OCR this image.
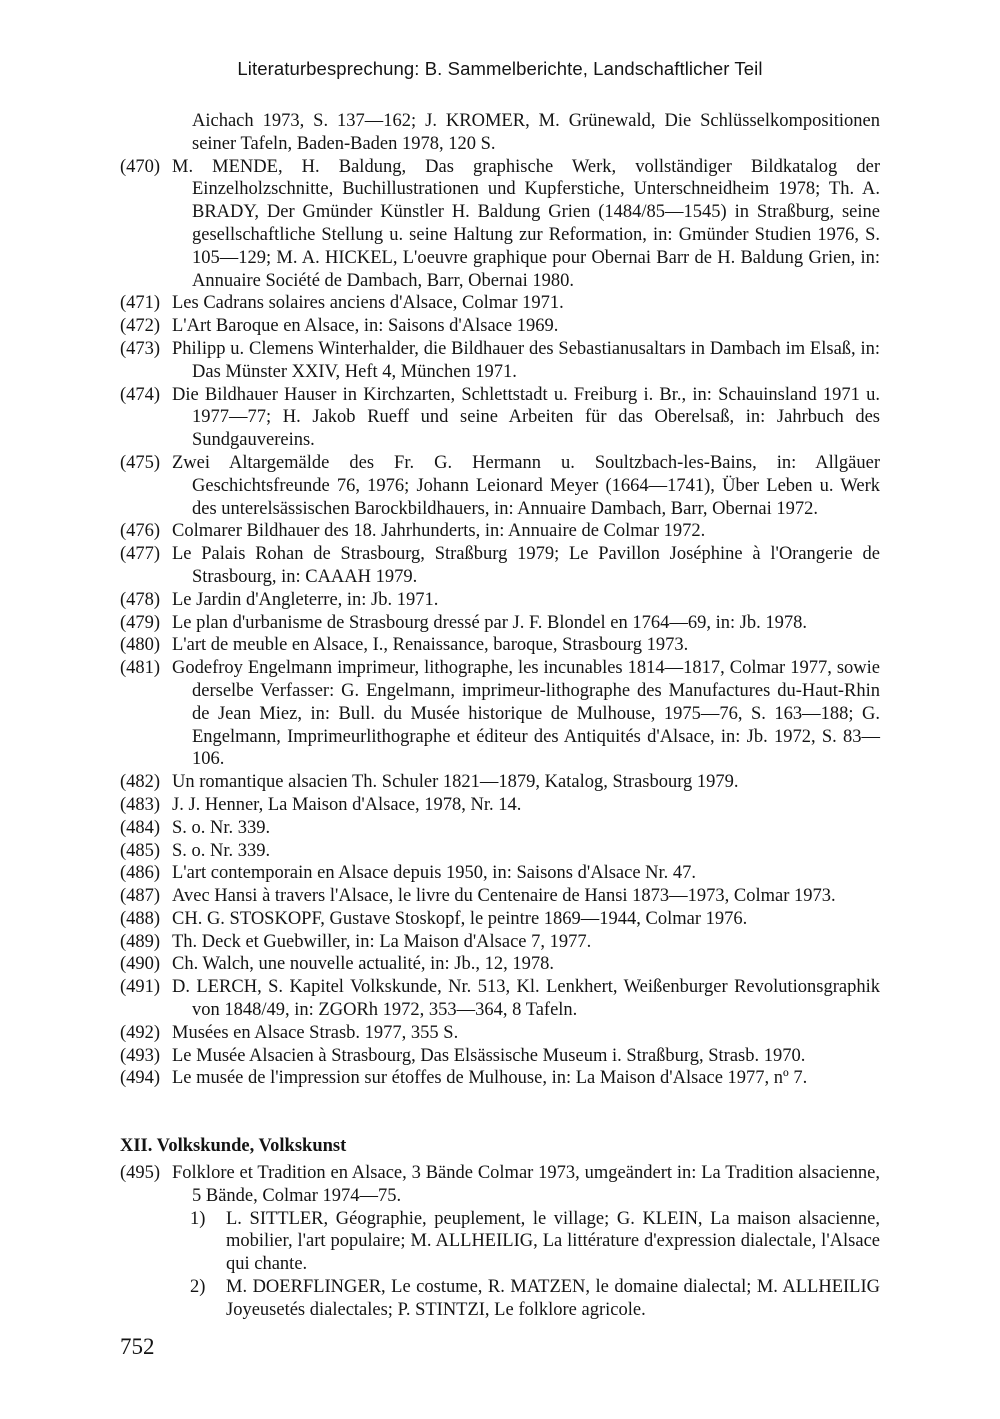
Literaturbesprechung: B. Sammelberichte, Landschaftlicher Teil
Aichach 1973, S. 137—162; J. KROMER, M. Grünewald, Die Schlüsselkompositionen seiner Tafeln, Baden-Baden 1978, 120 S.
(470) M. MENDE, H. Baldung, Das graphische Werk, vollständiger Bildkatalog der Einzelholzschnitte, Buchillustrationen und Kupferstiche, Unterschneidheim 1978; Th. A. BRADY, Der Gmünder Künstler H. Baldung Grien (1484/85—1545) in Straßburg, seine gesellschaftliche Stellung u. seine Haltung zur Reformation, in: Gmünder Studien 1976, S. 105—129; M. A. HICKEL, L'oeuvre graphique pour Obernai Barr de H. Baldung Grien, in: Annuaire Société de Dambach, Barr, Obernai 1980.
(471) Les Cadrans solaires anciens d'Alsace, Colmar 1971.
(472) L'Art Baroque en Alsace, in: Saisons d'Alsace 1969.
(473) Philipp u. Clemens Winterhalder, die Bildhauer des Sebastianusaltars in Dambach im Elsaß, in: Das Münster XXIV, Heft 4, München 1971.
(474) Die Bildhauer Hauser in Kirchzarten, Schlettstadt u. Freiburg i. Br., in: Schauinsland 1971 u. 1977—77; H. Jakob Rueff und seine Arbeiten für das Oberelsaß, in: Jahrbuch des Sundgauvereins.
(475) Zwei Altargemälde des Fr. G. Hermann u. Soultzbach-les-Bains, in: Allgäuer Geschichtsfreunde 76, 1976; Johann Leionard Meyer (1664—1741), Über Leben u. Werk des unterelsässischen Barockbildhauers, in: Annuaire Dambach, Barr, Obernai 1972.
(476) Colmarer Bildhauer des 18. Jahrhunderts, in: Annuaire de Colmar 1972.
(477) Le Palais Rohan de Strasbourg, Straßburg 1979; Le Pavillon Joséphine à l'Orangerie de Strasbourg, in: CAAAH 1979.
(478) Le Jardin d'Angleterre, in: Jb. 1971.
(479) Le plan d'urbanisme de Strasbourg dressé par J. F. Blondel en 1764—69, in: Jb. 1978.
(480) L'art de meuble en Alsace, I., Renaissance, baroque, Strasbourg 1973.
(481) Godefroy Engelmann imprimeur, lithographe, les incunables 1814—1817, Colmar 1977, sowie derselbe Verfasser: G. Engelmann, imprimeur-lithographe des Manufactures du-Haut-Rhin de Jean Miez, in: Bull. du Musée historique de Mulhouse, 1975—76, S. 163—188; G. Engelmann, Imprimeurlithographe et éditeur des Antiquités d'Alsace, in: Jb. 1972, S. 83—106.
(482) Un romantique alsacien Th. Schuler 1821—1879, Katalog, Strasbourg 1979.
(483) J. J. Henner, La Maison d'Alsace, 1978, Nr. 14.
(484) S. o. Nr. 339.
(485) S. o. Nr. 339.
(486) L'art contemporain en Alsace depuis 1950, in: Saisons d'Alsace Nr. 47.
(487) Avec Hansi à travers l'Alsace, le livre du Centenaire de Hansi 1873—1973, Colmar 1973.
(488) CH. G. STOSKOPF, Gustave Stoskopf, le peintre 1869—1944, Colmar 1976.
(489) Th. Deck et Guebwiller, in: La Maison d'Alsace 7, 1977.
(490) Ch. Walch, une nouvelle actualité, in: Jb., 12, 1978.
(491) D. LERCH, S. Kapitel Volkskunde, Nr. 513, Kl. Lenkhert, Weißenburger Revolutionsgraphik von 1848/49, in: ZGORh 1972, 353—364, 8 Tafeln.
(492) Musées en Alsace Strasb. 1977, 355 S.
(493) Le Musée Alsacien à Strasbourg, Das Elsässische Museum i. Straßburg, Strasb. 1970.
(494) Le musée de l'impression sur étoffes de Mulhouse, in: La Maison d'Alsace 1977, nº 7.
XII. Volkskunde, Volkskunst
(495) Folklore et Tradition en Alsace, 3 Bände Colmar 1973, umgeändert in: La Tradition alsacienne, 5 Bände, Colmar 1974—75.
1) L. SITTLER, Géographie, peuplement, le village; G. KLEIN, La maison alsacienne, mobilier, l'art populaire; M. ALLHEILIG, La littérature d'expression dialectale, l'Alsace qui chante.
2) M. DOERFLINGER, Le costume, R. MATZEN, le domaine dialectal; M. ALLHEILIG Joyeusetés dialectales; P. STINTZI, Le folklore agricole.
752
